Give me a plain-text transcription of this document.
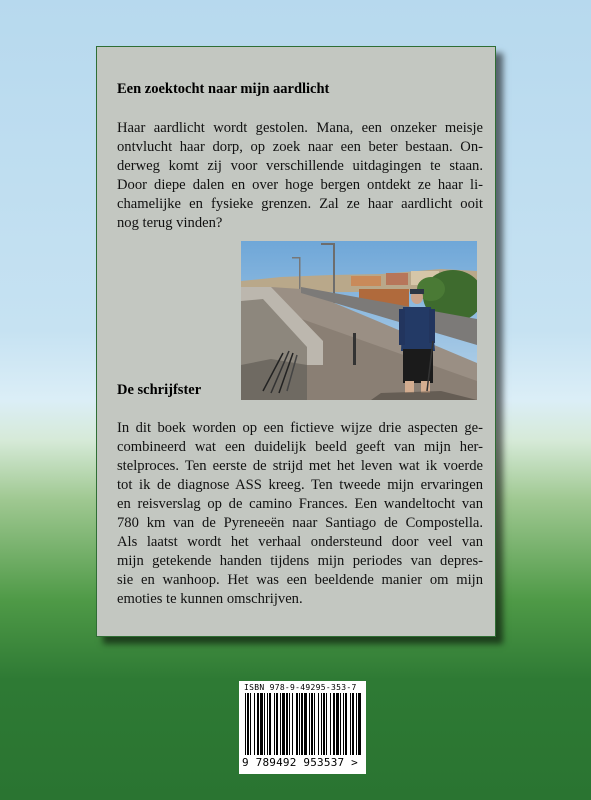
Een zoektocht naar mijn aardlicht
Haar aardlicht wordt gestolen. Mana, een onzeker meisje
ontvlucht haar dorp, op zoek naar een beter bestaan. On-
derweg komt zij voor verschillende uitdagingen te staan.
Door diepe dalen en over hoge bergen ontdekt ze haar li-
chamelijke en fysieke grenzen. Zal ze haar aardlicht ooit
nog terug vinden?
De schrijfster
In dit boek worden op een fictieve wijze drie aspecten ge-
combineerd wat een duidelijk beeld geeft van mijn her-
stelproces. Ten eerste de strijd met het leven wat ik voerde
tot ik de diagnose ASS kreeg. Ten tweede mijn ervaringen
en reisverslag op de camino Frances. Een wandeltocht van
780 km van de Pyreneeën naar Santiago de Compostella.
Als laatst wordt het verhaal ondersteund door veel van
mijn getekende handen tijdens mijn periodes van depres-
sie en wanhoop. Het was een beeldende manier om mijn
emoties te kunnen omschrijven.
ISBN 978-9-49295-353-7
9 789492 953537 >
